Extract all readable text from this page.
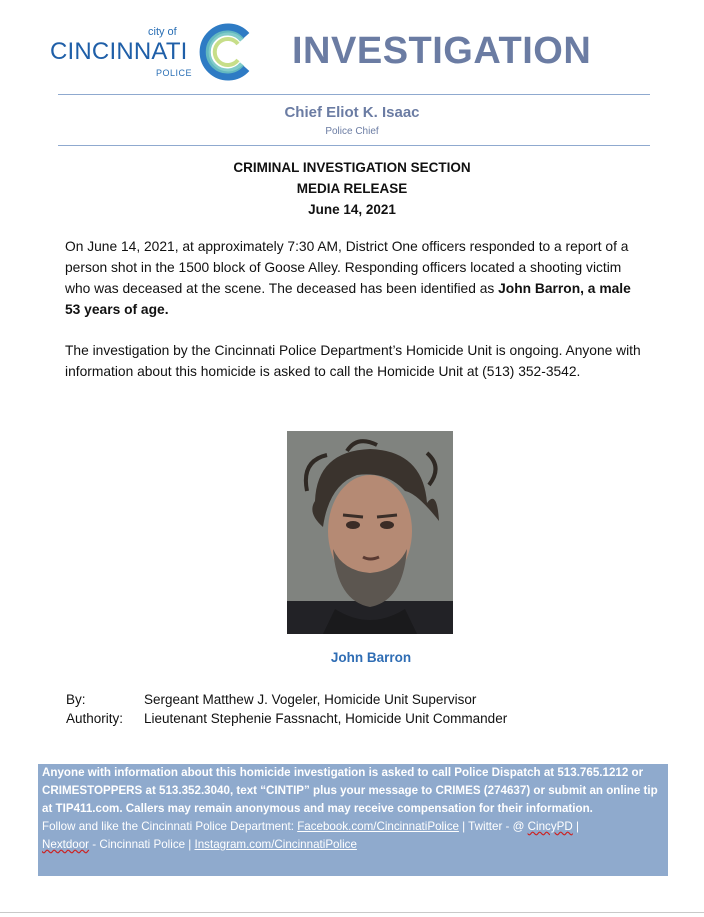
city of
CINCINNATI
POLICE
INVESTIGATION
Chief Eliot K. Isaac
Police Chief
CRIMINAL INVESTIGATION SECTION
MEDIA RELEASE
June 14, 2021
On June 14, 2021, at approximately 7:30 AM, District One officers responded to a report of a person shot in the 1500 block of Goose Alley. Responding officers located a shooting victim who was deceased at the scene. The deceased has been identified as John Barron, a male 53 years of age.
The investigation by the Cincinnati Police Department’s Homicide Unit is ongoing. Anyone with information about this homicide is asked to call the Homicide Unit at (513) 352-3542.
John Barron
By:	Sergeant Matthew J. Vogeler, Homicide Unit Supervisor
Authority:	Lieutenant Stephenie Fassnacht, Homicide Unit Commander
Anyone with information about this homicide investigation is asked to call Police Dispatch at 513.765.1212 or CRIMESTOPPERS at 513.352.3040, text “CINTIP” plus your message to CRIMES (274637) or submit an online tip at TIP411.com. Callers may remain anonymous and may receive compensation for their information.
Follow and like the Cincinnati Police Department: Facebook.com/CincinnatiPolice | Twitter - @ CincyPD |
Nextdoor - Cincinnati Police | Instagram.com/CincinnatiPolice
